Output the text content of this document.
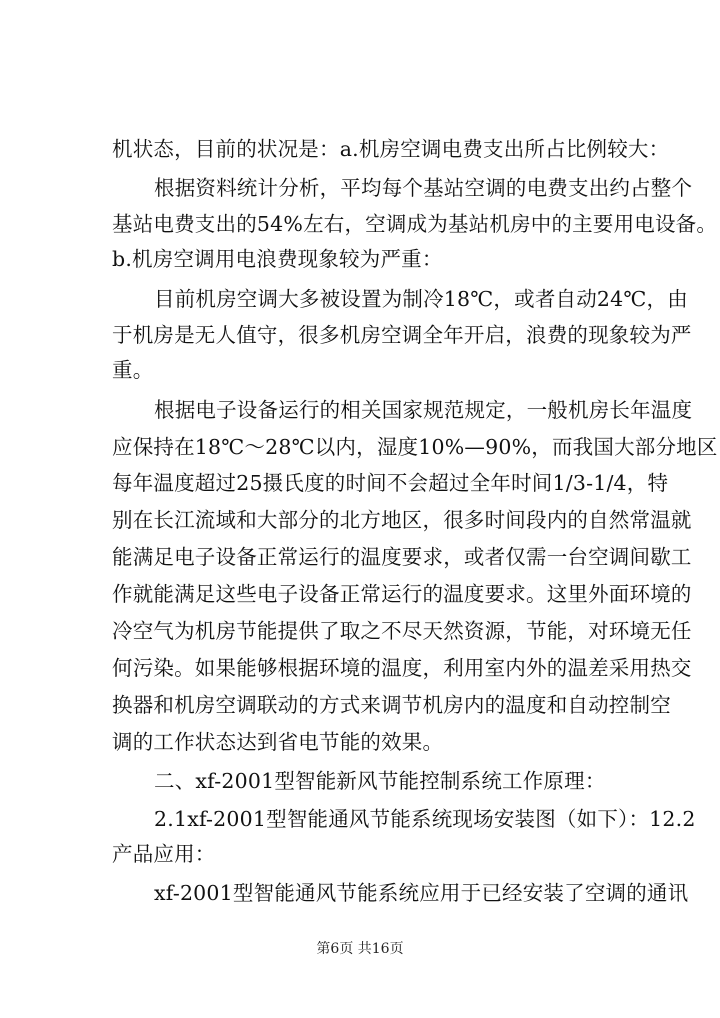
机状态，目前的状况是：a.机房空调电费支出所占比例较大：
根据资料统计分析，平均每个基站空调的电费支出约占整个
基站电费支出的54%左右，空调成为基站机房中的主要用电设备。
b.机房空调用电浪费现象较为严重：
目前机房空调大多被设置为制冷18℃，或者自动24℃，由
于机房是无人值守，很多机房空调全年开启，浪费的现象较为严
重。
根据电子设备运行的相关国家规范规定，一般机房长年温度
应保持在18℃～28℃以内，湿度10%—90%，而我国大部分地区
每年温度超过25摄氏度的时间不会超过全年时间1/3-1/4，特
别在长江流域和大部分的北方地区，很多时间段内的自然常温就
能满足电子设备正常运行的温度要求，或者仅需一台空调间歇工
作就能满足这些电子设备正常运行的温度要求。这里外面环境的
冷空气为机房节能提供了取之不尽天然资源，节能，对环境无任
何污染。如果能够根据环境的温度，利用室内外的温差采用热交
换器和机房空调联动的方式来调节机房内的温度和自动控制空
调的工作状态达到省电节能的效果。
二、xf-2001型智能新风节能控制系统工作原理：
2.1xf-2001型智能通风节能系统现场安装图（如下）：12.2
产品应用：
xf-2001型智能通风节能系统应用于已经安装了空调的通讯
第6页 共16页
